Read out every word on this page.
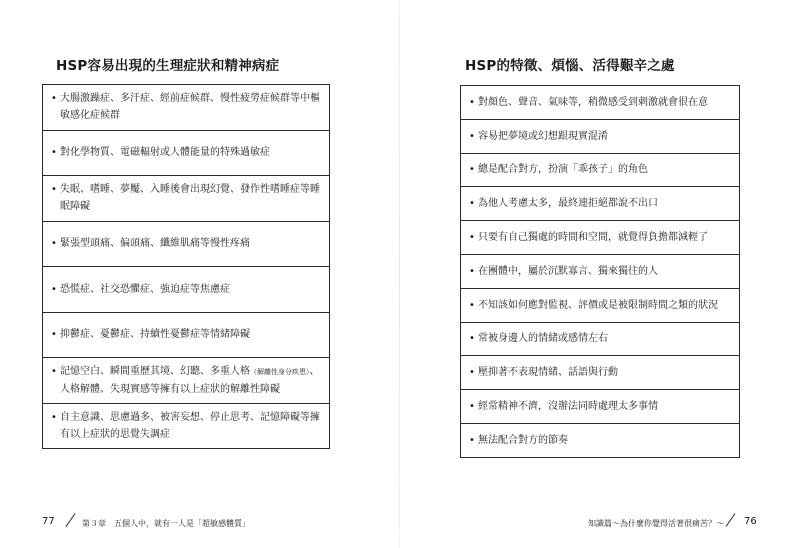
HSP容易出現的生理症狀和精神病症
• 大腸激躁症、多汗症、經前症候群、慢性疲勞症候群等中樞
敏感化症候群
• 對化學物質、電磁輻射或人體能量的特殊過敏症
• 失眠、嗜睡、夢魘、入睡後會出現幻覺、發作性嗜睡症等睡
眠障礙
• 緊張型頭痛、偏頭痛、纖維肌痛等慢性疼痛
• 恐慌症、社交恐懼症、強迫症等焦慮症
• 抑鬱症、憂鬱症、持續性憂鬱症等情緒障礙
• 記憶空白、瞬間重歷其境、幻聽、多重人格（解離性身分疾患）、
人格解體、失現實感等擁有以上症狀的解離性障礙
• 自主意識、思慮過多、被害妄想、停止思考、記憶障礙等擁
有以上症狀的思覺失調症
77	第３章　五個人中，就有一人是「超敏感體質」
HSP的特徵、煩惱、活得艱辛之處
• 對顏色、聲音、氣味等，稍微感受到刺激就會很在意
• 容易把夢境或幻想跟現實混淆
• 總是配合對方，扮演「乖孩子」的角色
• 為他人考慮太多，最終連拒絕都說不出口
• 只要有自己獨處的時間和空間，就覺得負擔都減輕了
• 在團體中，屬於沉默寡言、獨來獨往的人
• 不知該如何應對監視、評價或是被限制時間之類的狀況
• 常被身邊人的情緒或感情左右
• 壓抑著不表現情緒、話語與行動
• 經常精神不濟，沒辦法同時處理太多事情
• 無法配合對方的節奏
知識篇～為什麼你覺得活著很痛苦？～ 76
